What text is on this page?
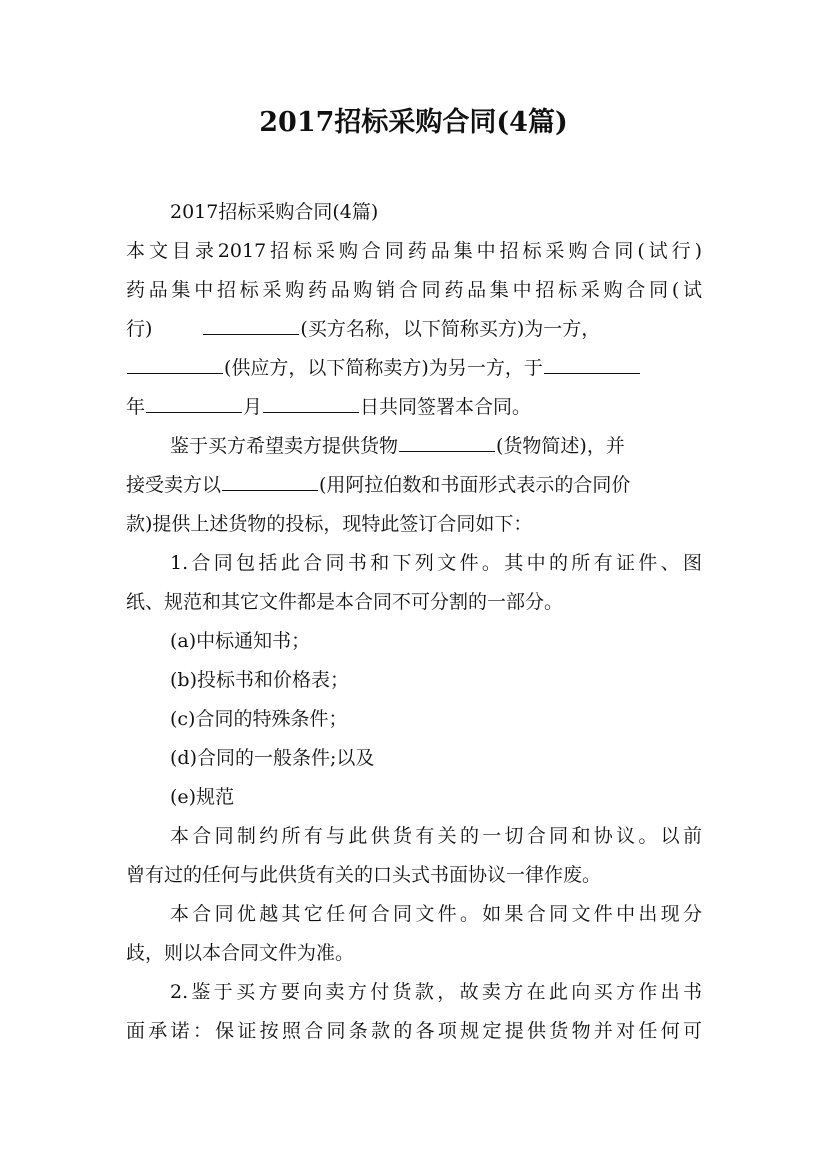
2017招标采购合同(4篇)
2017招标采购合同(4篇)
本文目录2017招标采购合同药品集中招标采购合同(试行)
药品集中招标采购药品购销合同药品集中招标采购合同(试
行)	(买方名称，以下简称买方)为一方，
(供应方，以下简称卖方)为另一方，于
年	月	日共同签署本合同。
鉴于买方希望卖方提供货物	(货物简述)，并
接受卖方以	(用阿拉伯数和书面形式表示的合同价
款)提供上述货物的投标，现特此签订合同如下：
1.合同包括此合同书和下列文件。其中的所有证件、图
纸、规范和其它文件都是本合同不可分割的一部分。
(a)中标通知书；
(b)投标书和价格表；
(c)合同的特殊条件；
(d)合同的一般条件;以及
(e)规范
本合同制约所有与此供货有关的一切合同和协议。以前
曾有过的任何与此供货有关的口头式书面协议一律作废。
本合同优越其它任何合同文件。如果合同文件中出现分
歧，则以本合同文件为准。
2.鉴于买方要向卖方付货款，故卖方在此向买方作出书
面承诺：保证按照合同条款的各项规定提供货物并对任何可
